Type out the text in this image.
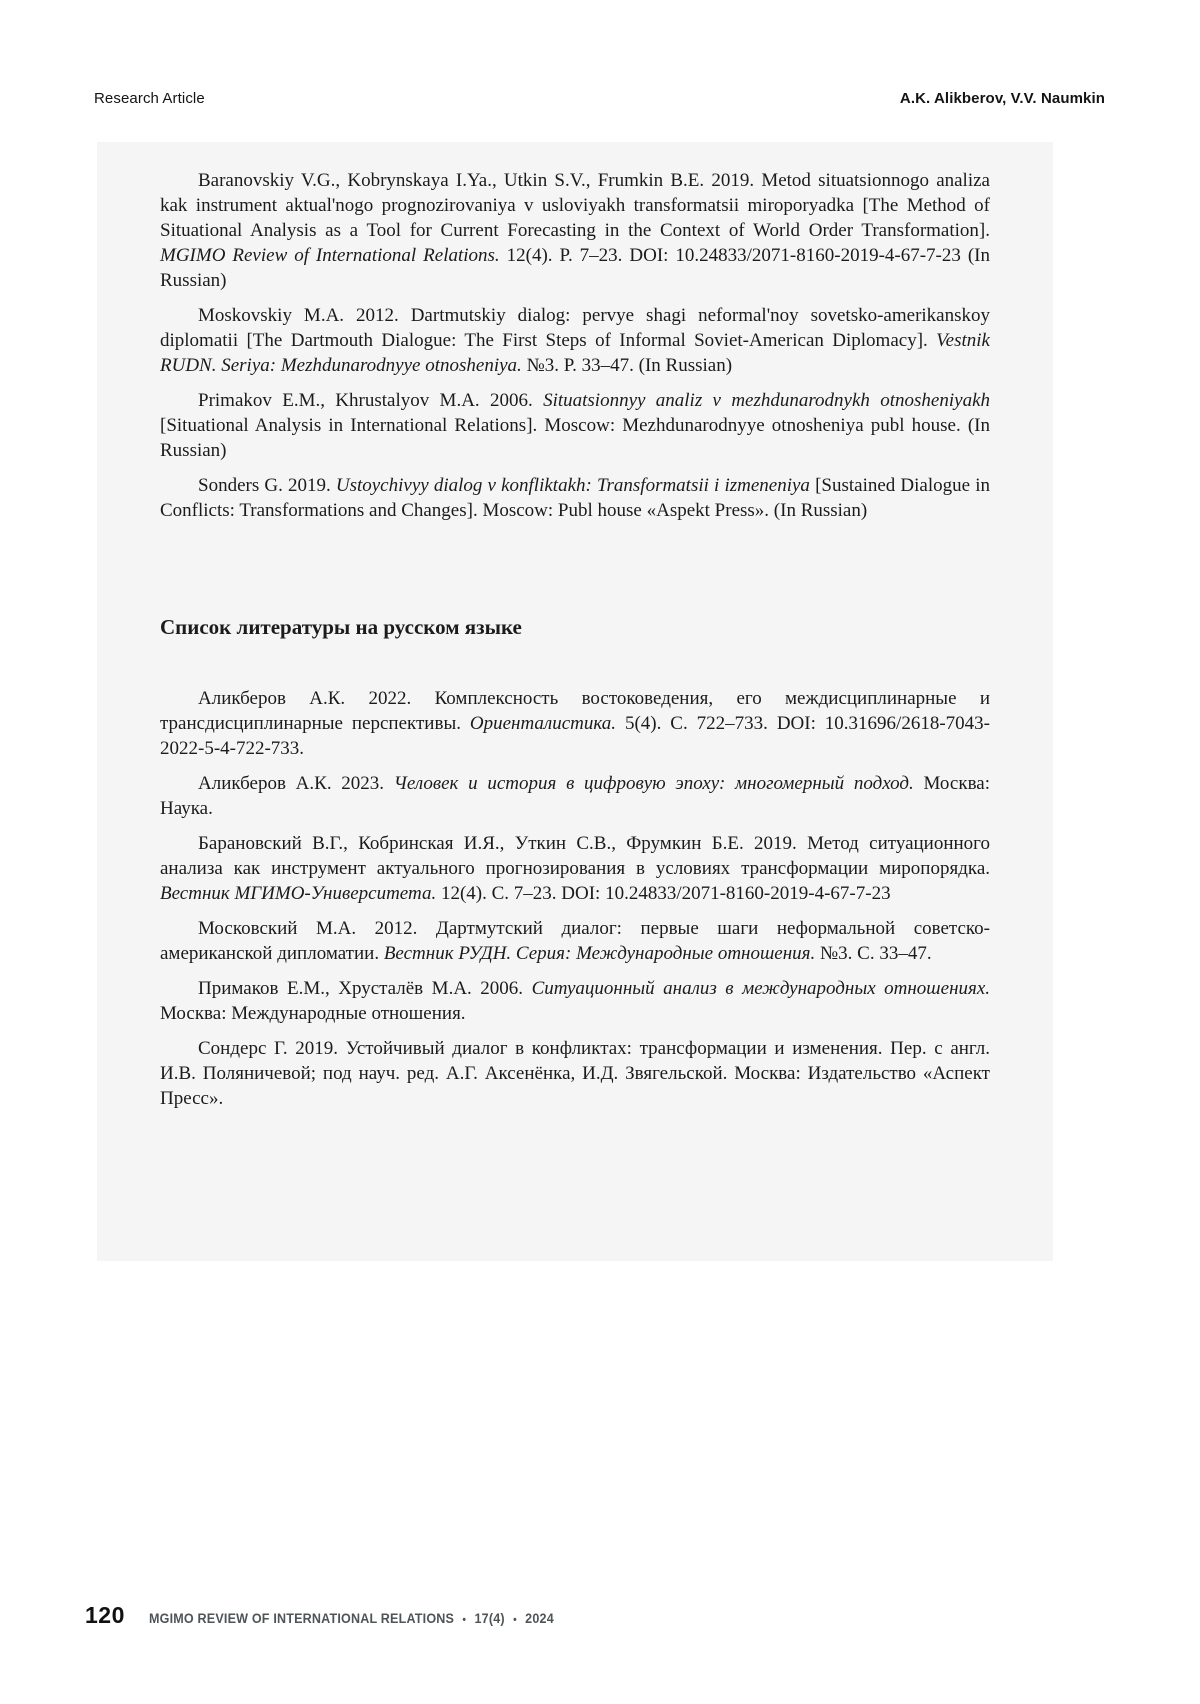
Research Article	A.K. Alikberov, V.V. Naumkin

Baranovskiy V.G., Kobrynskaya I.Ya., Utkin S.V., Frumkin B.E. 2019. Metod situatsionnogo analiza kak instrument aktual'nogo prognozirovaniya v usloviyakh transformatsii miroporyadka [The Method of Situational Analysis as a Tool for Current Forecasting in the Context of World Order Transformation]. MGIMO Review of International Relations. 12(4). P. 7–23. DOI: 10.24833/2071-8160-2019-4-67-7-23 (In Russian)

Moskovskiy M.A. 2012. Dartmutskiy dialog: pervye shagi neformal'noy sovetsko-amerikanskoy diplomatii [The Dartmouth Dialogue: The First Steps of Informal Soviet-American Diplomacy]. Vestnik RUDN. Seriya: Mezhdunarodnyye otnosheniya. №3. P. 33–47. (In Russian)

Primakov E.M., Khrustalyov M.A. 2006. Situatsionnyy analiz v mezhdunarodnykh otnosheniyakh [Situational Analysis in International Relations]. Moscow: Mezhdunarodnyye otnosheniya publ house. (In Russian)

Sonders G. 2019. Ustoychivyy dialog v konfliktakh: Transformatsii i izmeneniya [Sustained Dialogue in Conflicts: Transformations and Changes]. Moscow: Publ house «Aspekt Press». (In Russian)

Список литературы на русском языке

Аликберов А.К. 2022. Комплексность востоковедения, его междисциплинарные и трансдисциплинарные перспективы. Ориенталистика. 5(4). С. 722–733. DOI: 10.31696/2618-7043-2022-5-4-722-733.

Аликберов А.К. 2023. Человек и история в цифровую эпоху: многомерный подход. Москва: Наука.

Барановский В.Г., Кобринская И.Я., Уткин С.В., Фрумкин Б.Е. 2019. Метод ситуационного анализа как инструмент актуального прогнозирования в условиях трансформации миропорядка. Вестник МГИМО-Университета. 12(4). С. 7–23. DOI: 10.24833/2071-8160-2019-4-67-7-23

Московский М.А. 2012. Дартмутский диалог: первые шаги неформальной советско-американской дипломатии. Вестник РУДН. Серия: Международные отношения. №3. С. 33–47.

Примаков Е.М., Хрусталёв М.А. 2006. Ситуационный анализ в международных отношениях. Москва: Международные отношения.

Сондерс Г. 2019. Устойчивый диалог в конфликтах: трансформации и изменения. Пер. с англ. И.В. Поляничевой; под науч. ред. А.Г. Аксенёнка, И.Д. Звягельской. Москва: Издательство «Аспект Пресс».

120 MGIMO REVIEW OF INTERNATIONAL RELATIONS • 17(4) • 2024
